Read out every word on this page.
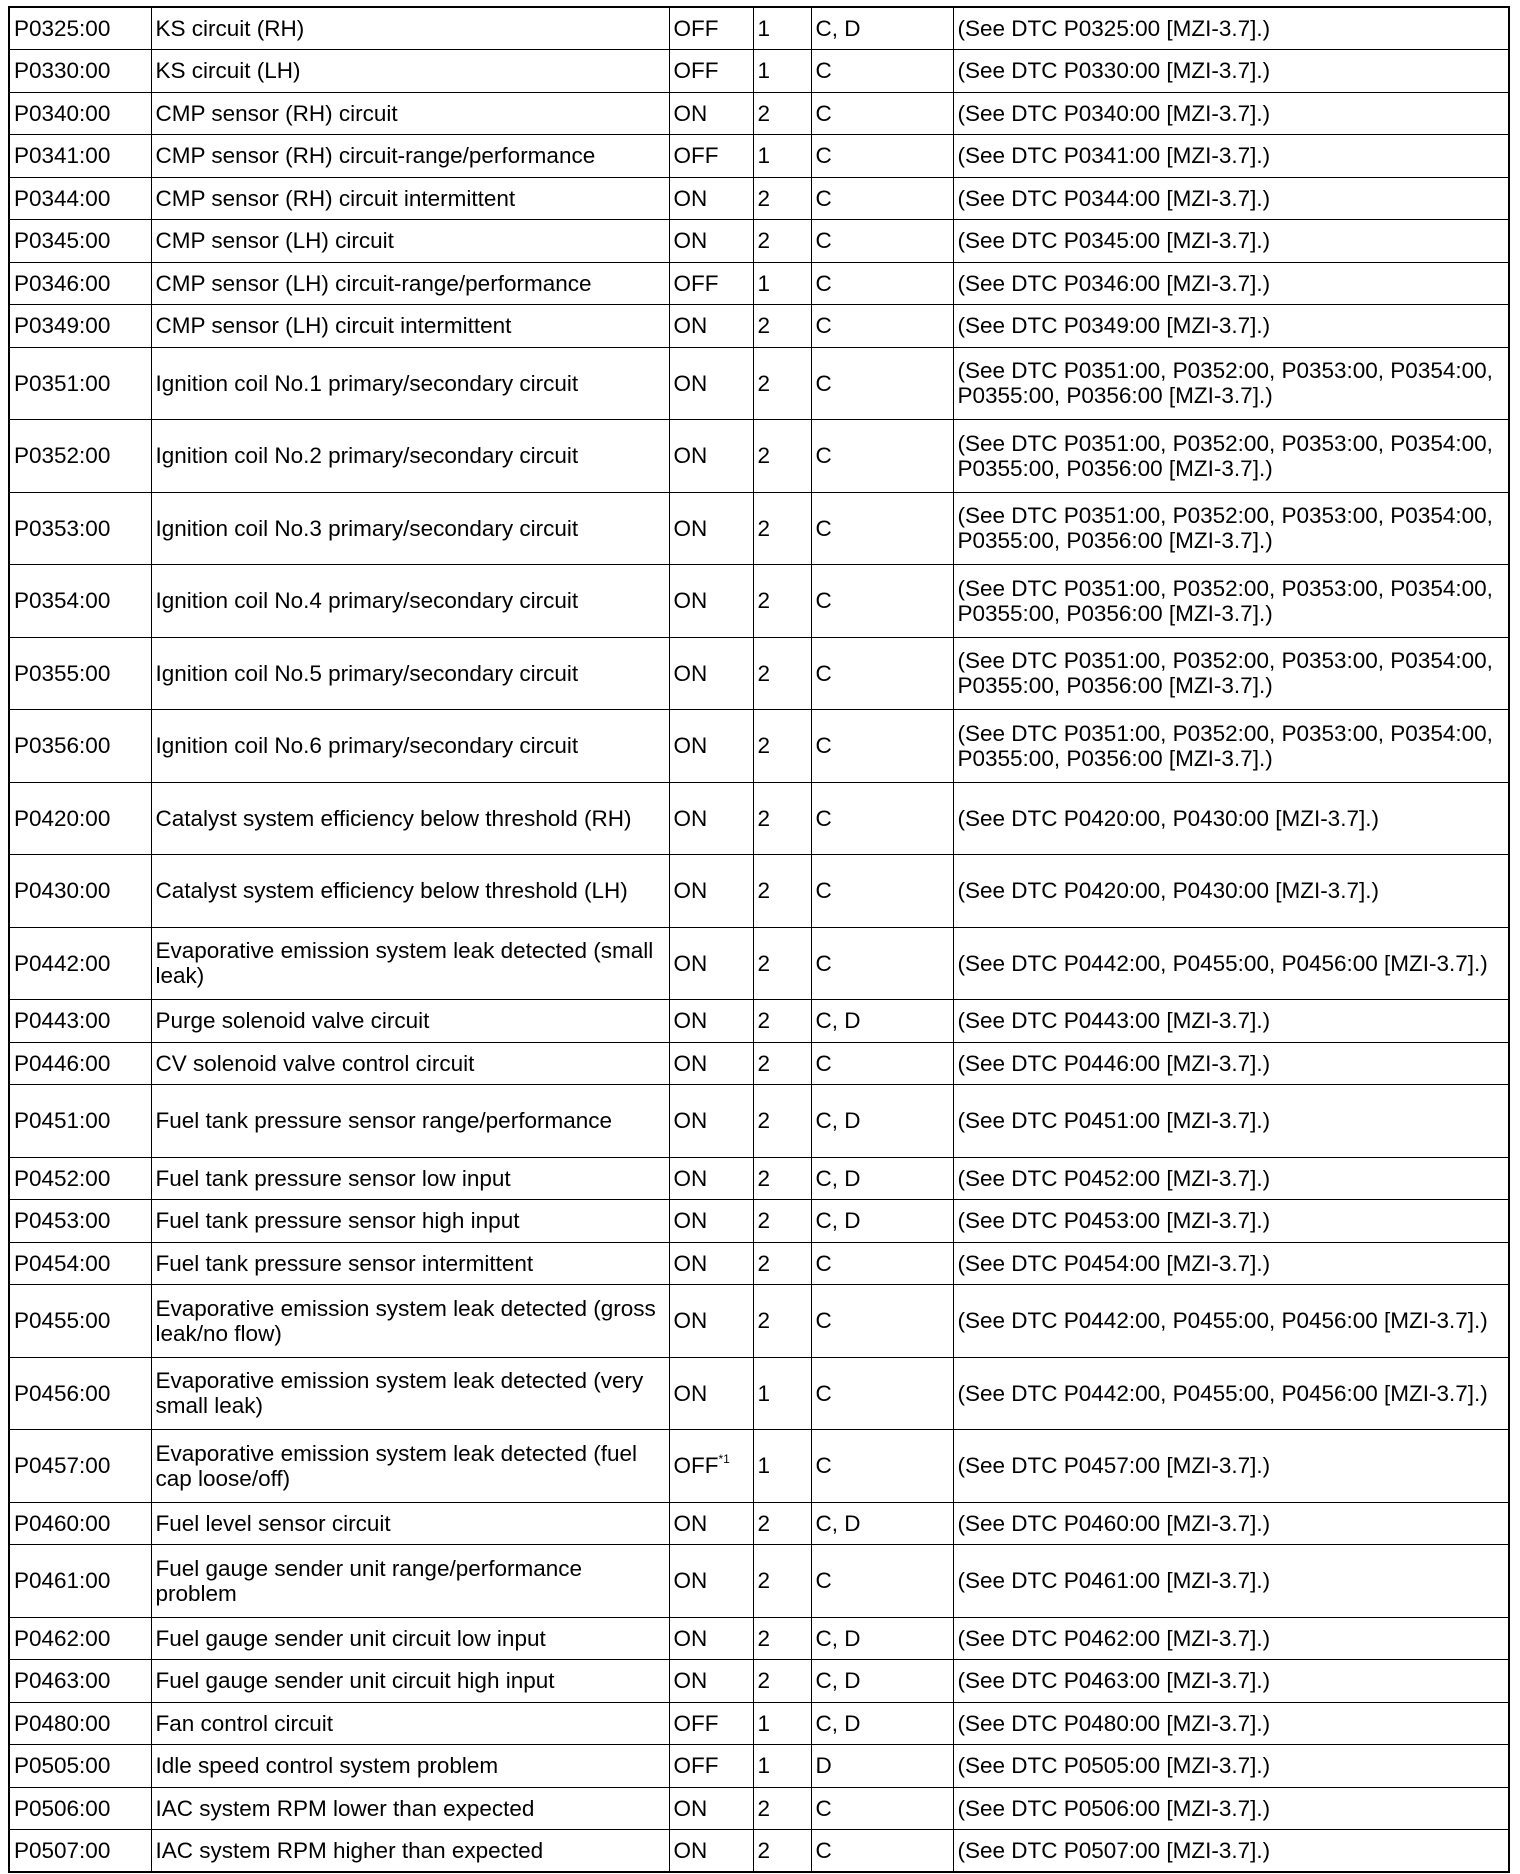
P0325:00	KS circuit (RH)	OFF	1	C, D	(See DTC P0325:00 [MZI-3.7].)
P0330:00	KS circuit (LH)	OFF	1	C	(See DTC P0330:00 [MZI-3.7].)
P0340:00	CMP sensor (RH) circuit	ON	2	C	(See DTC P0340:00 [MZI-3.7].)
P0341:00	CMP sensor (RH) circuit-range/performance	OFF	1	C	(See DTC P0341:00 [MZI-3.7].)
P0344:00	CMP sensor (RH) circuit intermittent	ON	2	C	(See DTC P0344:00 [MZI-3.7].)
P0345:00	CMP sensor (LH) circuit	ON	2	C	(See DTC P0345:00 [MZI-3.7].)
P0346:00	CMP sensor (LH) circuit-range/performance	OFF	1	C	(See DTC P0346:00 [MZI-3.7].)
P0349:00	CMP sensor (LH) circuit intermittent	ON	2	C	(See DTC P0349:00 [MZI-3.7].)
P0351:00	Ignition coil No.1 primary/secondary circuit	ON	2	C	(See DTC P0351:00, P0352:00, P0353:00, P0354:00, P0355:00, P0356:00 [MZI-3.7].)
P0352:00	Ignition coil No.2 primary/secondary circuit	ON	2	C	(See DTC P0351:00, P0352:00, P0353:00, P0354:00, P0355:00, P0356:00 [MZI-3.7].)
P0353:00	Ignition coil No.3 primary/secondary circuit	ON	2	C	(See DTC P0351:00, P0352:00, P0353:00, P0354:00, P0355:00, P0356:00 [MZI-3.7].)
P0354:00	Ignition coil No.4 primary/secondary circuit	ON	2	C	(See DTC P0351:00, P0352:00, P0353:00, P0354:00, P0355:00, P0356:00 [MZI-3.7].)
P0355:00	Ignition coil No.5 primary/secondary circuit	ON	2	C	(See DTC P0351:00, P0352:00, P0353:00, P0354:00, P0355:00, P0356:00 [MZI-3.7].)
P0356:00	Ignition coil No.6 primary/secondary circuit	ON	2	C	(See DTC P0351:00, P0352:00, P0353:00, P0354:00, P0355:00, P0356:00 [MZI-3.7].)
P0420:00	Catalyst system efficiency below threshold (RH)	ON	2	C	(See DTC P0420:00, P0430:00 [MZI-3.7].)
P0430:00	Catalyst system efficiency below threshold (LH)	ON	2	C	(See DTC P0420:00, P0430:00 [MZI-3.7].)
P0442:00	Evaporative emission system leak detected (small leak)	ON	2	C	(See DTC P0442:00, P0455:00, P0456:00 [MZI-3.7].)
P0443:00	Purge solenoid valve circuit	ON	2	C, D	(See DTC P0443:00 [MZI-3.7].)
P0446:00	CV solenoid valve control circuit	ON	2	C	(See DTC P0446:00 [MZI-3.7].)
P0451:00	Fuel tank pressure sensor range/performance	ON	2	C, D	(See DTC P0451:00 [MZI-3.7].)
P0452:00	Fuel tank pressure sensor low input	ON	2	C, D	(See DTC P0452:00 [MZI-3.7].)
P0453:00	Fuel tank pressure sensor high input	ON	2	C, D	(See DTC P0453:00 [MZI-3.7].)
P0454:00	Fuel tank pressure sensor intermittent	ON	2	C	(See DTC P0454:00 [MZI-3.7].)
P0455:00	Evaporative emission system leak detected (gross leak/no flow)	ON	2	C	(See DTC P0442:00, P0455:00, P0456:00 [MZI-3.7].)
P0456:00	Evaporative emission system leak detected (very small leak)	ON	1	C	(See DTC P0442:00, P0455:00, P0456:00 [MZI-3.7].)
P0457:00	Evaporative emission system leak detected (fuel cap loose/off)	OFF$^{*1}$	1	C	(See DTC P0457:00 [MZI-3.7].)
P0460:00	Fuel level sensor circuit	ON	2	C, D	(See DTC P0460:00 [MZI-3.7].)
P0461:00	Fuel gauge sender unit range/performance problem	ON	2	C	(See DTC P0461:00 [MZI-3.7].)
P0462:00	Fuel gauge sender unit circuit low input	ON	2	C, D	(See DTC P0462:00 [MZI-3.7].)
P0463:00	Fuel gauge sender unit circuit high input	ON	2	C, D	(See DTC P0463:00 [MZI-3.7].)
P0480:00	Fan control circuit	OFF	1	C, D	(See DTC P0480:00 [MZI-3.7].)
P0505:00	Idle speed control system problem	OFF	1	D	(See DTC P0505:00 [MZI-3.7].)
P0506:00	IAC system RPM lower than expected	ON	2	C	(See DTC P0506:00 [MZI-3.7].)
P0507:00	IAC system RPM higher than expected	ON	2	C	(See DTC P0507:00 [MZI-3.7].)
